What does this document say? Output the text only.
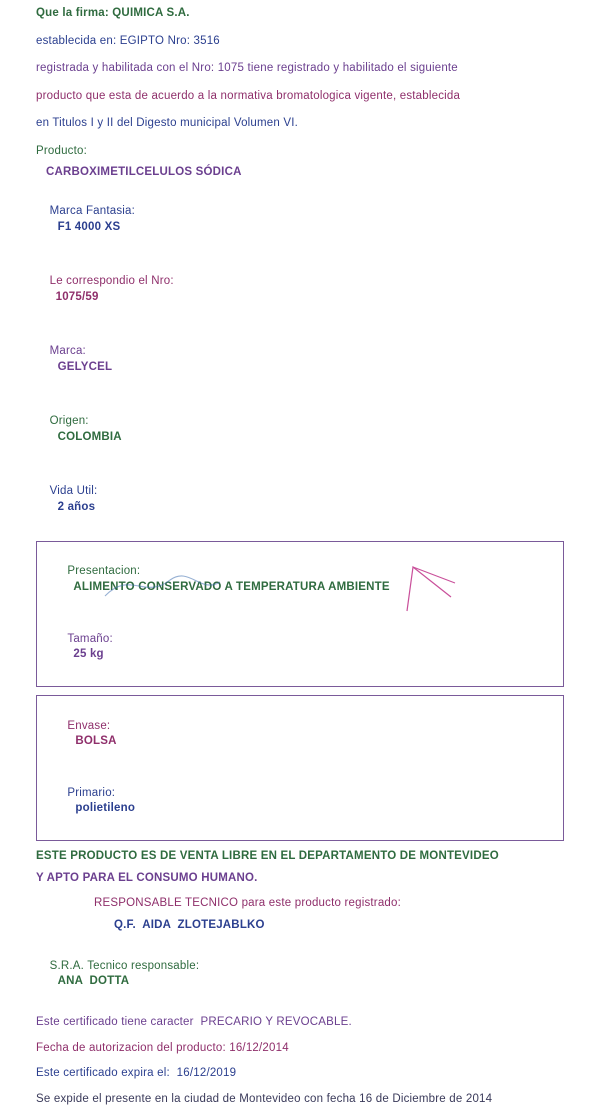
Que la firma: QUIMICA S.A.
establecida en: EGIPTO Nro: 3516
registrada y habilitada con el Nro: 1075 tiene registrado y habilitado el siguiente
producto que esta de acuerdo a la normativa bromatologica vigente, establecida
en Titulos I y II del Digesto municipal Volumen VI.
Producto:
CARBOXIMETILCELULOS SÓDICA

Marca Fantasia:
F1 4000 XS

Le correspondio el Nro:
1075/59

Marca:
GELYCEL

Origen:
COLOMBIA

Vida Util:
2 años

Presentacion:
ALIMENTO CONSERVADO A TEMPERATURA AMBIENTE

Tamaño:
25 kg

Envase:
BOLSA

Primario:
polietileno

ESTE PRODUCTO ES DE VENTA LIBRE EN EL DEPARTAMENTO DE MONTEVIDEO
Y APTO PARA EL CONSUMO HUMANO.
RESPONSABLE TECNICO para este producto registrado:
Q.F.  AIDA  ZLOTEJABLKO

S.R.A. Tecnico responsable:
ANA  DOTTA

Este certificado tiene caracter  PRECARIO Y REVOCABLE.
Fecha de autorizacion del producto: 16/12/2014
Este certificado expira el:  16/12/2019
Se expide el presente en la ciudad de Montevideo con fecha 16 de Diciembre de 2014
